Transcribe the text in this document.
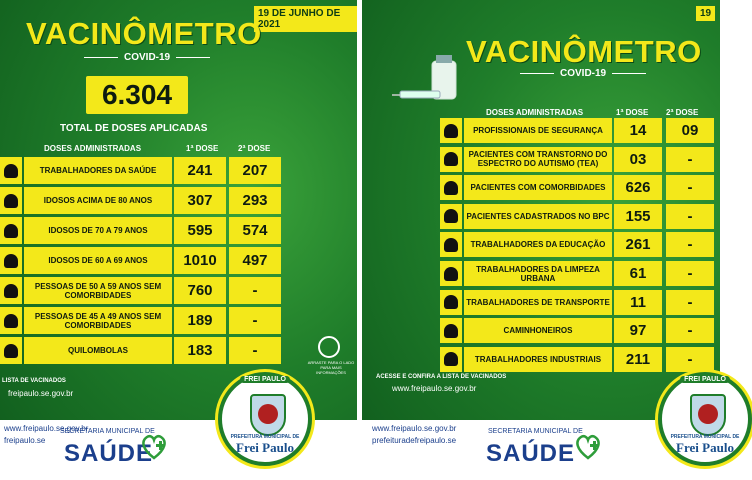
19 DE JUNHO DE 2021
VACINÔMETRO
COVID-19
6.304
TOTAL DE DOSES APLICADAS
DOSES ADMINISTRADAS	1ª DOSE 2ª DOSE
TRABALHADORES DA SAÚDE	241	207
IDOSOS ACIMA DE 80 ANOS	307	293
IDOSOS DE 70 A 79 ANOS	595	574
IDOSOS DE 60 A 69 ANOS	1010	497
PESSOAS DE 50 A 59 ANOS SEM COMORBIDADES	760	-
PESSOAS DE 45 A 49 ANOS SEM COMORBIDADES	189	-
QUILOMBOLAS	183	-
ARRASTE PARA O LADO PARA MAIS INFORMAÇÕES
LISTA DE VACINADOS
freipaulo.se.gov.br
www.freipaulo.se.gov.br
freipaulo.se
SECRETARIA MUNICIPAL DE
SAÚDE
FREI PAULO
PREFEITURA MUNICIPAL DE
Frei Paulo
19
VACINÔMETRO
COVID-19
DOSES ADMINISTRADAS	1ª DOSE 2ª DOSE
PROFISSIONAIS DE SEGURANÇA	14	09
PACIENTES COM TRANSTORNO DO ESPECTRO DO AUTISMO (TEA)	03	-
PACIENTES COM COMORBIDADES	626	-
PACIENTES CADASTRADOS NO BPC	155	-
TRABALHADORES DA EDUCAÇÃO	261	-
TRABALHADORES DA LIMPEZA URBANA	61	-
TRABALHADORES DE TRANSPORTE	11	-
CAMINHONEIROS	97	-
TRABALHADORES INDUSTRIAIS	211	-
ACESSE E CONFIRA A LISTA DE VACINADOS
www.freipaulo.se.gov.br
www.freipaulo.se.gov.br
prefeituradefreipaulo.se
SECRETARIA MUNICIPAL DE
SAÚDE
FREI PAULO
PREFEITURA MUNICIPAL DE
Frei Paulo
